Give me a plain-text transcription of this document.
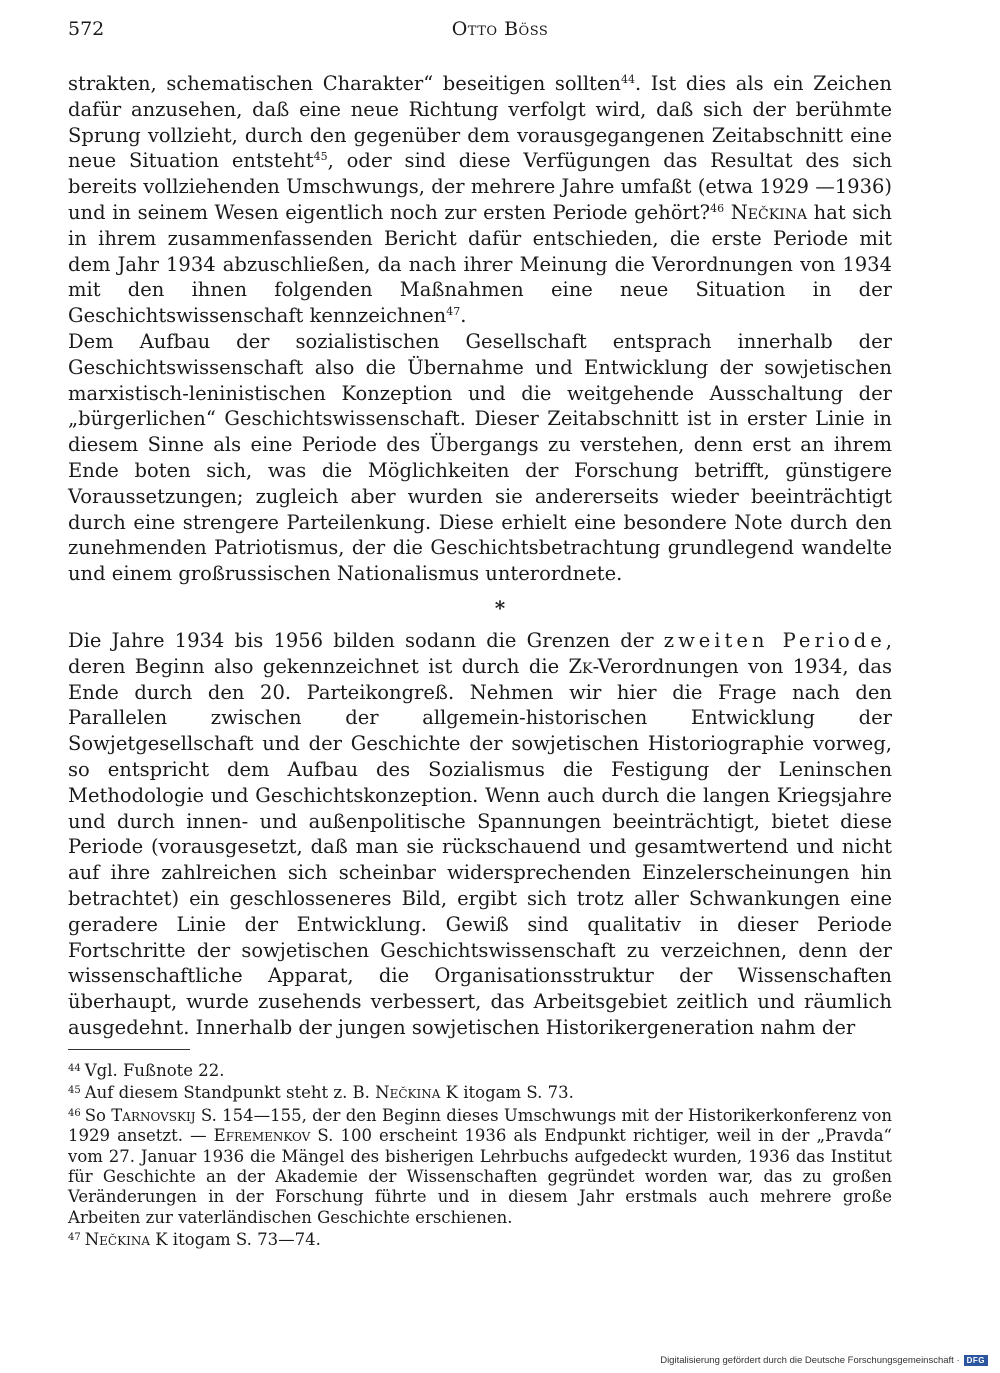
572	Otto Böss

strakten, schematischen Charakter“ beseitigen sollten$^{44}$. Ist dies als ein Zeichen dafür anzusehen, daß eine neue Richtung verfolgt wird, daß sich der berühmte Sprung vollzieht, durch den gegenüber dem vorausgegangenen Zeitabschnitt eine neue Situation entsteht$^{45}$, oder sind diese Verfügungen das Resultat des sich bereits vollziehenden Umschwungs, der mehrere Jahre umfaßt (etwa 1929 —1936) und in seinem Wesen eigentlich noch zur ersten Periode gehört?$^{46}$ Nečkina hat sich in ihrem zusammenfassenden Bericht dafür entschieden, die erste Periode mit dem Jahr 1934 abzuschließen, da nach ihrer Meinung die Verordnungen von 1934 mit den ihnen folgenden Maßnahmen eine neue Situation in der Geschichtswissenschaft kennzeichnen$^{47}$.

Dem Aufbau der sozialistischen Gesellschaft entsprach innerhalb der Geschichtswissenschaft also die Übernahme und Entwicklung der sowjetischen marxistisch-leninistischen Konzeption und die weitgehende Ausschaltung der „bürgerlichen“ Geschichtswissenschaft. Dieser Zeitabschnitt ist in erster Linie in diesem Sinne als eine Periode des Übergangs zu verstehen, denn erst an ihrem Ende boten sich, was die Möglichkeiten der Forschung betrifft, günstigere Voraussetzungen; zugleich aber wurden sie andererseits wieder beeinträchtigt durch eine strengere Parteilenkung. Diese erhielt eine besondere Note durch den zunehmenden Patriotismus, der die Geschichtsbetrachtung grundlegend wandelte und einem großrussischen Nationalismus unterordnete.

*

Die Jahre 1934 bis 1956 bilden sodann die Grenzen der zweiten Periode, deren Beginn also gekennzeichnet ist durch die Zk-Verordnungen von 1934, das Ende durch den 20. Parteikongreß. Nehmen wir hier die Frage nach den Parallelen zwischen der allgemein-historischen Entwicklung der Sowjetgesellschaft und der Geschichte der sowjetischen Historiographie vorweg, so entspricht dem Aufbau des Sozialismus die Festigung der Leninschen Methodologie und Geschichtskonzeption. Wenn auch durch die langen Kriegsjahre und durch innen- und außenpolitische Spannungen beeinträchtigt, bietet diese Periode (vorausgesetzt, daß man sie rückschauend und gesamtwertend und nicht auf ihre zahlreichen sich scheinbar widersprechenden Einzelerscheinungen hin betrachtet) ein geschlosseneres Bild, ergibt sich trotz aller Schwankungen eine geradere Linie der Entwicklung. Gewiß sind qualitativ in dieser Periode Fortschritte der sowjetischen Geschichtswissenschaft zu verzeichnen, denn der wissenschaftliche Apparat, die Organisationsstruktur der Wissenschaften überhaupt, wurde zusehends verbessert, das Arbeitsgebiet zeitlich und räumlich ausgedehnt. Innerhalb der jungen sowjetischen Historikergeneration nahm der

$^{44}$ Vgl. Fußnote 22.

$^{45}$ Auf diesem Standpunkt steht z. B. Nečkina K itogam S. 73.

$^{46}$ So Tarnovskij S. 154—155, der den Beginn dieses Umschwungs mit der Historikerkonferenz von 1929 ansetzt. — Efremenkov S. 100 erscheint 1936 als Endpunkt richtiger, weil in der „Pravda“ vom 27. Januar 1936 die Mängel des bisherigen Lehrbuchs aufgedeckt wurden, 1936 das Institut für Geschichte an der Akademie der Wissenschaften gegründet worden war, das zu großen Veränderungen in der Forschung führte und in diesem Jahr erstmals auch mehrere große Arbeiten zur vaterländischen Geschichte erschienen.

$^{47}$ Nečkina K itogam S. 73—74.

Digitalisierung gefördert durch die Deutsche Forschungsgemeinschaft · DFG
